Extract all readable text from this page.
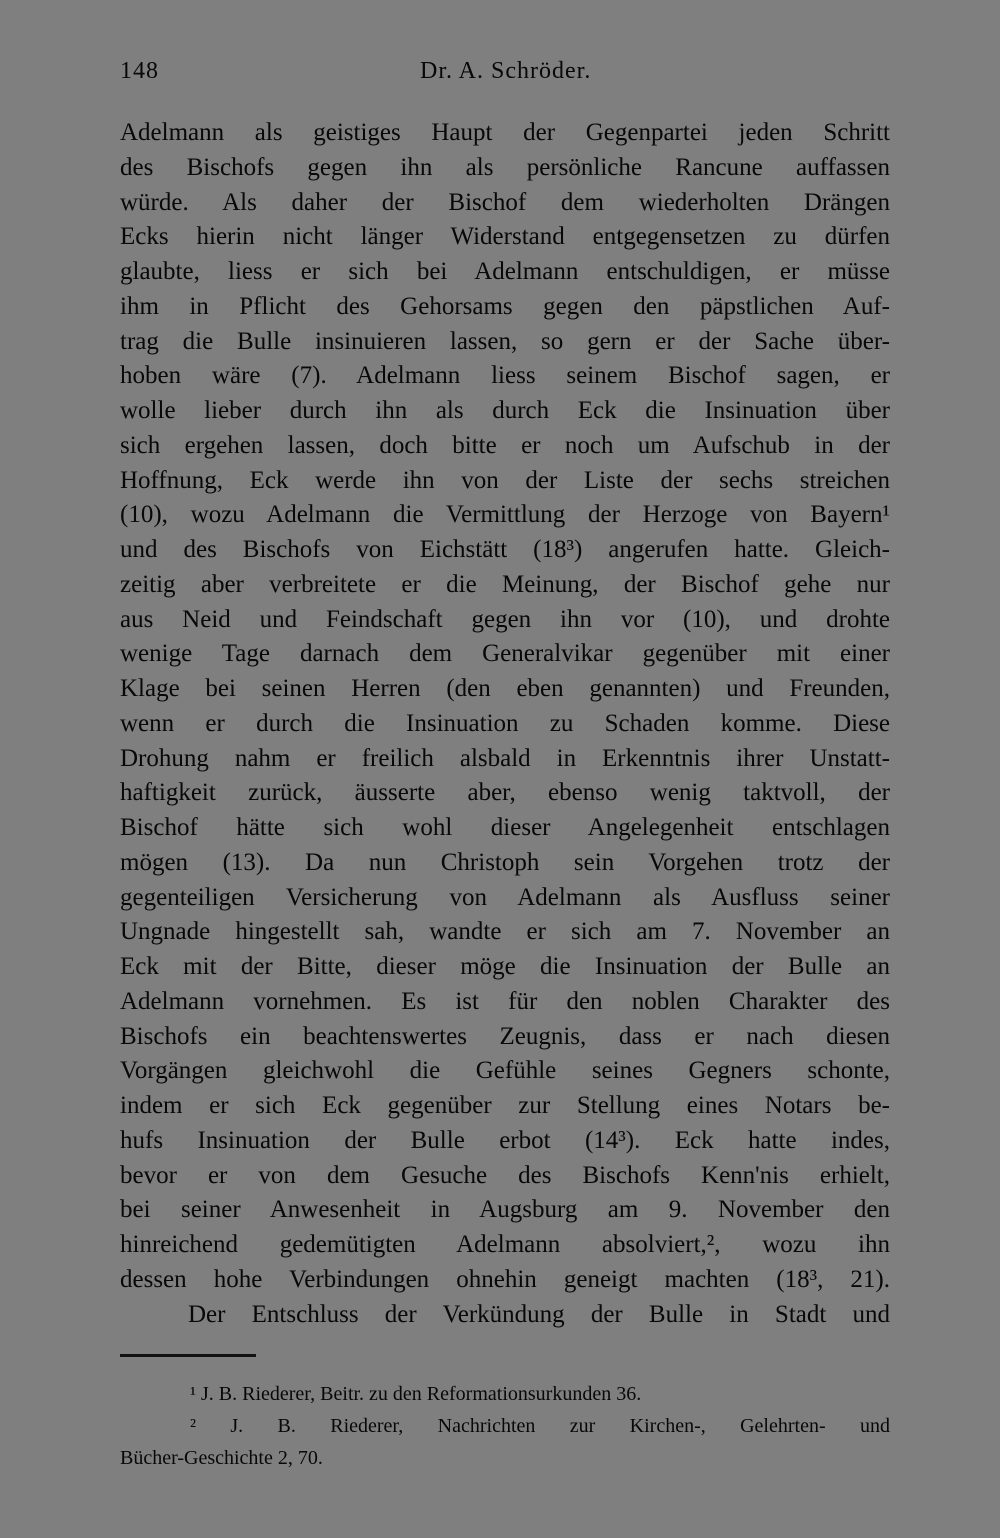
148	Dr. A. Schröder.
Adelmann als geistiges Haupt der Gegenpartei jeden Schritt
des Bischofs gegen ihn als persönliche Rancune auffassen
würde. Als daher der Bischof dem wiederholten Drängen
Ecks hierin nicht länger Widerstand entgegensetzen zu dürfen
glaubte, liess er sich bei Adelmann entschuldigen, er müsse
ihm in Pflicht des Gehorsams gegen den päpstlichen Auf-
trag die Bulle insinuieren lassen, so gern er der Sache über-
hoben wäre (7). Adelmann liess seinem Bischof sagen, er
wolle lieber durch ihn als durch Eck die Insinuation über
sich ergehen lassen, doch bitte er noch um Aufschub in der
Hoffnung, Eck werde ihn von der Liste der sechs streichen
(10), wozu Adelmann die Vermittlung der Herzoge von Bayern¹
und des Bischofs von Eichstätt (18³) angerufen hatte. Gleich-
zeitig aber verbreitete er die Meinung, der Bischof gehe nur
aus Neid und Feindschaft gegen ihn vor (10), und drohte
wenige Tage darnach dem Generalvikar gegenüber mit einer
Klage bei seinen Herren (den eben genannten) und Freunden,
wenn er durch die Insinuation zu Schaden komme. Diese
Drohung nahm er freilich alsbald in Erkenntnis ihrer Unstatt-
haftigkeit zurück, äusserte aber, ebenso wenig taktvoll, der
Bischof hätte sich wohl dieser Angelegenheit entschlagen
mögen (13). Da nun Christoph sein Vorgehen trotz der
gegenteiligen Versicherung von Adelmann als Ausfluss seiner
Ungnade hingestellt sah, wandte er sich am 7. November an
Eck mit der Bitte, dieser möge die Insinuation der Bulle an
Adelmann vornehmen. Es ist für den noblen Charakter des
Bischofs ein beachtenswertes Zeugnis, dass er nach diesen
Vorgängen gleichwohl die Gefühle seines Gegners schonte,
indem er sich Eck gegenüber zur Stellung eines Notars be-
hufs Insinuation der Bulle erbot (14³). Eck hatte indes,
bevor er von dem Gesuche des Bischofs Kenn'nis erhielt,
bei seiner Anwesenheit in Augsburg am 9. November den
hinreichend gedemütigten Adelmann absolviert,², wozu ihn
dessen hohe Verbindungen ohnehin geneigt machten (18³, 21).
Der Entschluss der Verkündung der Bulle in Stadt und
¹ J. B. Riederer, Beitr. zu den Reformationsurkunden 36.
² J. B. Riederer, Nachrichten zur Kirchen-, Gelehrten- und
Bücher-Geschichte 2, 70.
